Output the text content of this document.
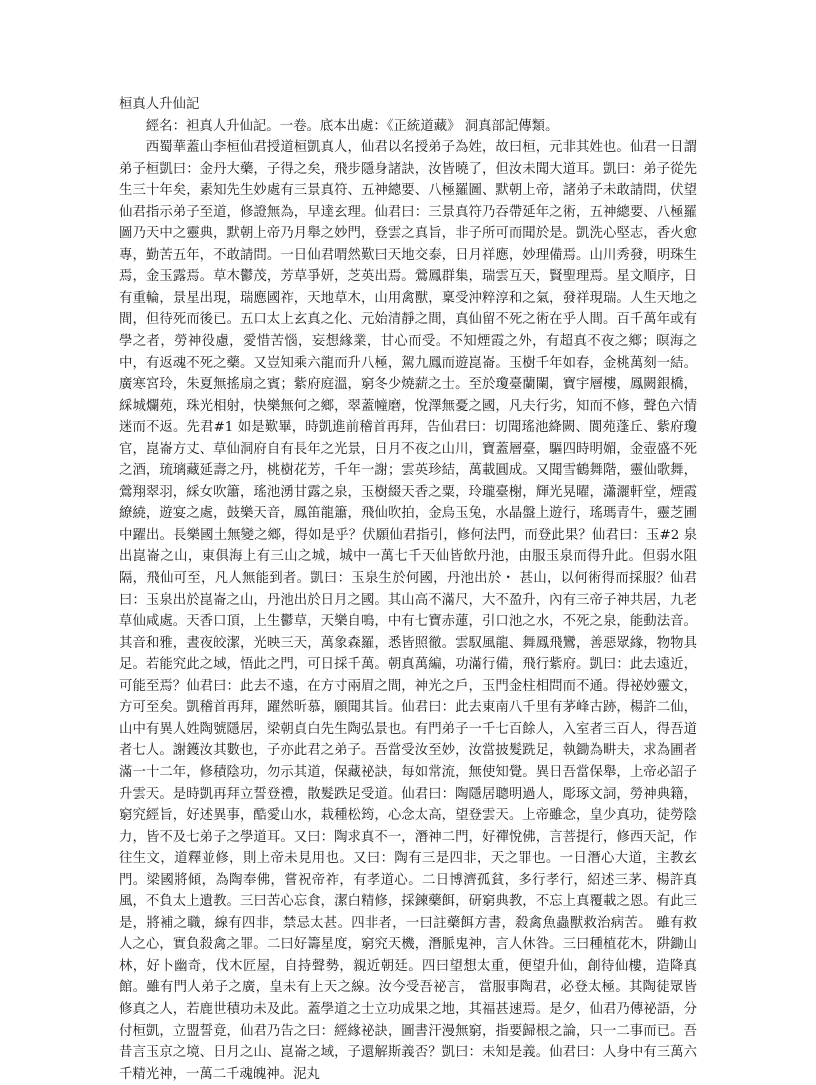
桓真人升仙記

經名：袒真人升仙記。一卷。底本出處：《正統道藏》 洞真部記傳類。

西蜀華蓋山李桓仙君授道桓凱真人，仙君以名授弟子為姓，故曰桓，元非其姓也。仙君一日謂弟子桓凱曰：金丹大藥，子得之矣，飛步隱身諸訣，汝皆曉了，但汝未聞大道耳。凱曰：弟子從先生三十年矣，素知先生妙處有三景真符、五神總要、八極羅圖、默朝上帝，諸弟子未敢請問，伏望仙君指示弟子至道，修證無為，早達玄理。仙君曰：三景真符乃吞帶延年之術，五神總要、八極羅圖乃天中之靈典，默朝上帝乃月舉之妙門，登雲之真旨，非子所可而聞於是。凱洗心堅志，香火愈專，勤苦五年，不敢請問。一日仙君喟然歎曰天地交泰，日月祥應，妙理備焉。山川秀發，明珠生焉，金玉露焉。草木鬱茂，芳草爭妍，芝英出焉。鶯鳳群集，瑞雲互天，賢聖理焉。星文順序，日有重輪，景星出現，瑞應國祚，天地草木，山用禽獸，稟受沖粹淳和之氣，發祥現瑞。人生天地之間，但待死而後已。五口太上玄真之化、元始清靜之間，真仙留不死之術在乎人間。百千萬年或有學之者，勞神役慮，愛惜苦惱，妄想緣業，甘心而受。不知煙霞之外，有超真不夜之鄉；暝海之中，有返魂不死之藥。又豈知乘六龍而升八極，駕九鳳而遊崑崙。玉樹千年如春，金桃萬刻一結。廣寒宮玲，朱夏無搖扇之賓；紫府庭溫，窮冬少燒薪之士。至於瓊臺蘭闌，寶宇層樓，鳳闕銀橋，綵城爛苑，珠光相射，快樂無何之鄉，翠蓋幢磨，悅澤無憂之國，凡夫行劣，知而不修，聲色六情迷而不返。先君#1 如是歎畢，時凱進前稽首再拜，告仙君曰：切聞瑤池絳闕、閬苑蓬丘、紫府瓊官，崑崙方丈、草仙洞府自有長年之光景，日月不夜之山川，寶蓋層臺，驅四時明媚，金壺盛不死之酒，琉璃藏延壽之丹，桃樹花芳，千年一謝；雲英珍結，萬載圓成。又聞雪鶴舞階，靈仙歌舞，鶯翔翠羽，綵女吹簫，瑤池湧甘露之泉，玉樹綴天香之粟，玲瓏臺榭，輝光晃曜，瀟灑軒堂，煙霞繚繞，遊宴之處，鼓樂天音，鳳笛龍簫，飛仙吹拍，金烏玉兔，水晶盤上遊行，瑤瑪青牛，靈芝圃中躍出。長樂國土無變之鄉，得如是乎？伏願仙君指引，修何法門，而登此果？仙君曰：玉#2 泉出崑崙之山，東俱海上有三山之城，城中一萬七千天仙皆飲丹池，由服玉泉而得升此。但弱水阻隔，飛仙可至，凡人無能到者。凱曰：玉泉生於何國，丹池出於・ 甚山，以何術得而採服？仙君曰：玉泉出於崑崙之山，丹池出於日月之國。其山高不滿尺，大不盈升，內有三帝子神共居，九老草仙咸處。天香口頂，上生鬱草，天樂自鳴，中有七寶赤蓮，引口池之水，不死之泉，能動法音。其音和雅，晝夜皎潔，光映三天，萬象森羅，悉皆照徹。雲馭風龍、舞鳳飛鸞，善惡眾緣，物物具足。若能究此之域，悟此之門，可日採千萬。朝真萬編，功滿行備，飛行紫府。凱曰：此去遠近，可能至焉？仙君曰：此去不遠，在方寸兩眉之間，神光之戶，玉門金柱相問而不通。得祕妙靈文，方可至矣。凱稽首再拜，躍然昕慕，願聞其旨。仙君曰：此去東南八千里有茅峰古跡，楊許二仙，山中有異人姓陶號隱居，梁朝貞白先生陶弘景也。有門弟子一千七百餘人，入室者三百人，得吾道者七人。謝鑊汝其數也，子亦此君之弟子。吾當受汝至妙，汝當披髮跣足，執鋤為畊夫，求為圃者滿一十二年，修積陰功，勿示其道，保藏祕訣，每如常流，無使知覺。異日吾當保舉，上帝必詔子升雲天。是時凱再拜立誓登禮，散髮跌足受道。仙君曰：陶隱居聰明過人，彫琢文詞，勞神典籍，窮究經旨，好述異事，酷愛山水，栽種松筠，心念太高，望登雲天。上帝雖念，皇少真功，徒勞陰力，皆不及七弟子之學道耳。又曰：陶求真不一，潛神二門，好禪悅佛，言菩提行，修西天記，作往生文，道釋並修，則上帝未見用也。又曰：陶有三是四非，天之罪也。一日潛心大道，主教玄門。梁國將傾，為陶奉佛，嘗祝帝祚，有孝道心。二日博濟孤貧，多行孝行，紹述三茅、楊許真風，不負太上遺教。三曰苦心忘食，潔白精修，採鍊藥餌，研窮典教，不忘上真覆載之恩。有此三是，將補之職，線有四非，禁忌太甚。四非者，一曰註藥餌方書，殺禽魚蟲獸救治病苦。 雖有救人之心，實負殺禽之罪。二曰好籌星度，窮究天機，潛脈鬼神，言人休咎。三曰種植花木，阱鋤山林，好卜幽奇，伐木匠屋，自持聲勢，親近朝廷。四曰望想太重，便望升仙，創待仙樓，造降真館。雖有門人弟子之廣，皇未有上天之線。汝今受吾祕言， 當服事陶君，必登太極。其陶徒眾皆修真之人，若鹿世積功未及此。蓋學道之士立功成果之地，其福甚速焉。是夕，仙君乃傳祕語，分付桓凱，立盟誓竟，仙君乃告之曰：經緣祕訣，圖書汗漫無窮，指要歸根之論，只一二事而已。吾昔言玉京之境、日月之山、崑崙之域，子還解斯義否？凱曰：未知是義。仙君曰：人身中有三萬六千精光神，一萬二千魂魄神。泥丸
